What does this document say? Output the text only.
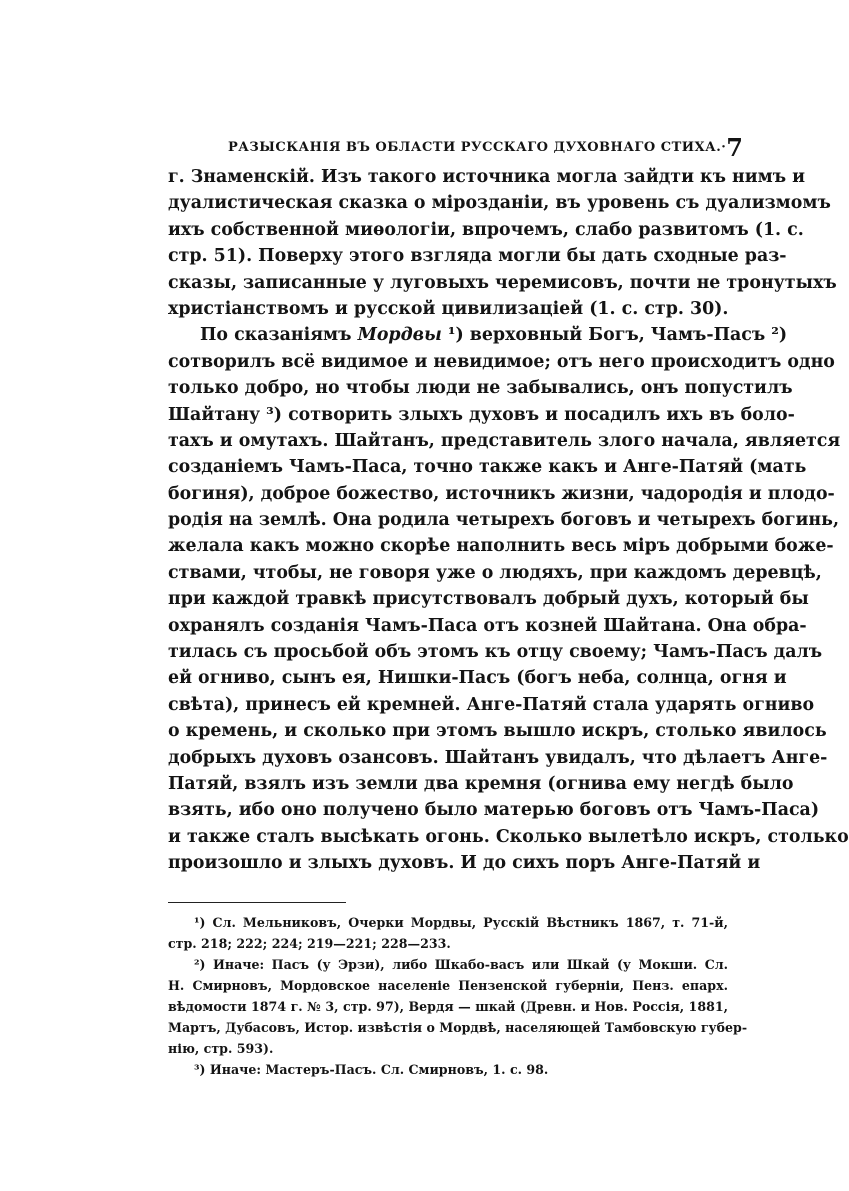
РАЗЫСКАНІЯ ВЪ ОБЛАСТИ РУССКАГО ДУХОВНАГО СТИХА.· 7
г. Знаменскій. Изъ такого источника могла зайдти къ нимъ и
дуалистическая сказка о мірозданіи, въ уровень съ дуализмомъ
ихъ собственной миѳологіи, впрочемъ, слабо развитомъ (1. с.
стр. 51). Поверху этого взгляда могли бы дать сходные раз-
сказы, записанные у луговыхъ черемисовъ, почти не тронутыхъ
христіанствомъ и русской цивилизаціей (1. с. стр. 30).
По сказаніямъ Мордвы ¹) верховный Богъ, Чамъ-Пасъ ²)
сотворилъ всё видимое и невидимое; отъ него происходитъ одно
только добро, но чтобы люди не забывались, онъ попустилъ
Шайтану ³) сотворить злыхъ духовъ и посадилъ ихъ въ боло-
тахъ и омутахъ. Шайтанъ, представитель злого начала, является
созданіемъ Чамъ-Паса, точно также какъ и Анге-Патяй (мать
богиня), доброе божество, источникъ жизни, чадородія и плодо-
родія на землѣ. Она родила четырехъ боговъ и четырехъ богинь,
желала какъ можно скорѣе наполнить весь міръ добрыми боже-
ствами, чтобы, не говоря уже о людяхъ, при каждомъ деревцѣ,
при каждой травкѣ присутствовалъ добрый духъ, который бы
охранялъ созданія Чамъ-Паса отъ козней Шайтана. Она обра-
тилась съ просьбой объ этомъ къ отцу своему; Чамъ-Пасъ далъ
ей огниво, сынъ ея, Нишки-Пасъ (богъ неба, солнца, огня и
свѣта), принесъ ей кремней. Анге-Патяй стала ударять огниво
о кремень, и сколько при этомъ вышло искръ, столько явилось
добрыхъ духовъ озансовъ. Шайтанъ увидалъ, что дѣлаетъ Анге-
Патяй, взялъ изъ земли два кремня (огнива ему негдѣ было
взять, ибо оно получено было матерью боговъ отъ Чамъ-Паса)
и также сталъ высѣкать огонь. Сколько вылетѣло искръ, столько
произошло и злыхъ духовъ. И до сихъ поръ Анге-Патяй и
¹) Сл. Мельниковъ, Очерки Мордвы, Русскій Вѣстникъ 1867, т. 71-й,
стр. 218; 222; 224; 219—221; 228—233.
²) Иначе: Пасъ (у Эрзи), либо Шкабо-васъ или Шкай (у Мокши. Сл.
Н. Смирновъ, Мордовское населеніе Пензенской губерніи, Пенз. епарх.
вѣдомости 1874 г. № 3, стр. 97), Вердя — шкай (Древн. и Нов. Россія, 1881,
Мартъ, Дубасовъ, Истор. извѣстія о Мордвѣ, населяющей Тамбовскую губер-
нію, стр. 593).
³) Иначе: Мастеръ-Пасъ. Сл. Смирновъ, 1. с. 98.
